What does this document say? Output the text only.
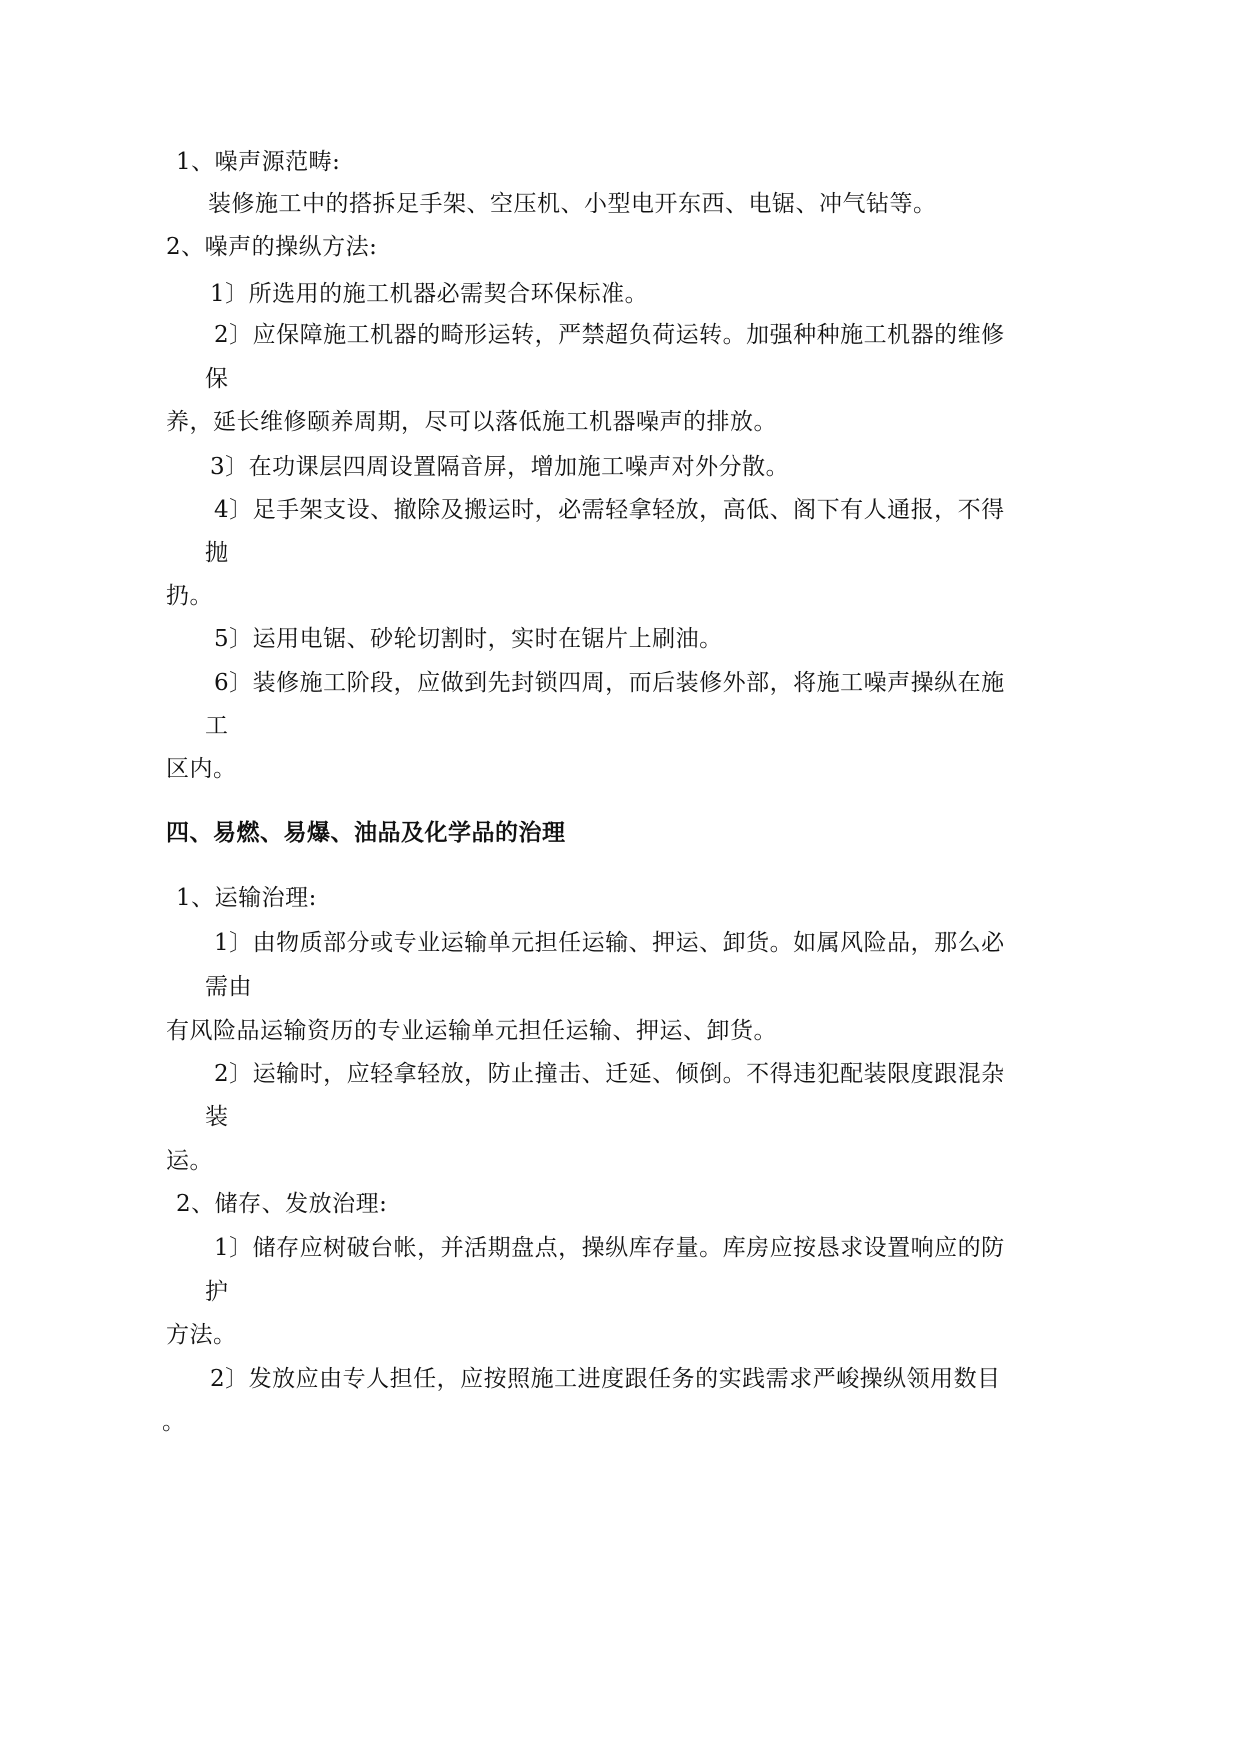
1、噪声源范畴:
装修施工中的搭拆足手架、空压机、小型电开东西、电锯、冲气钻等。
2、噪声的操纵方法:
1〕所选用的施工机器必需契合环保标准。
2〕应保障施工机器的畸形运转，严禁超负荷运转。加强种种施工机器的维修
保
养，延长维修颐养周期，尽可以落低施工机器噪声的排放。
3〕在功课层四周设置隔音屏，增加施工噪声对外分散。
4〕足手架支设、撤除及搬运时，必需轻拿轻放，高低、阁下有人通报，不得
抛
扔。
5〕运用电锯、砂轮切割时，实时在锯片上刷油。
6〕装修施工阶段，应做到先封锁四周，而后装修外部，将施工噪声操纵在施
工
区内。
四、易燃、易爆、油品及化学品的治理
1、运输治理:
1〕由物质部分或专业运输单元担任运输、押运、卸货。如属风险品，那么必
需由
有风险品运输资历的专业运输单元担任运输、押运、卸货。
2〕运输时，应轻拿轻放，防止撞击、迁延、倾倒。不得违犯配装限度跟混杂
装
运。
2、储存、发放治理:
1〕储存应树破台帐，并活期盘点，操纵库存量。库房应按恳求设置响应的防
护
方法。
2〕发放应由专人担任，应按照施工进度跟任务的实践需求严峻操纵领用数目
。
